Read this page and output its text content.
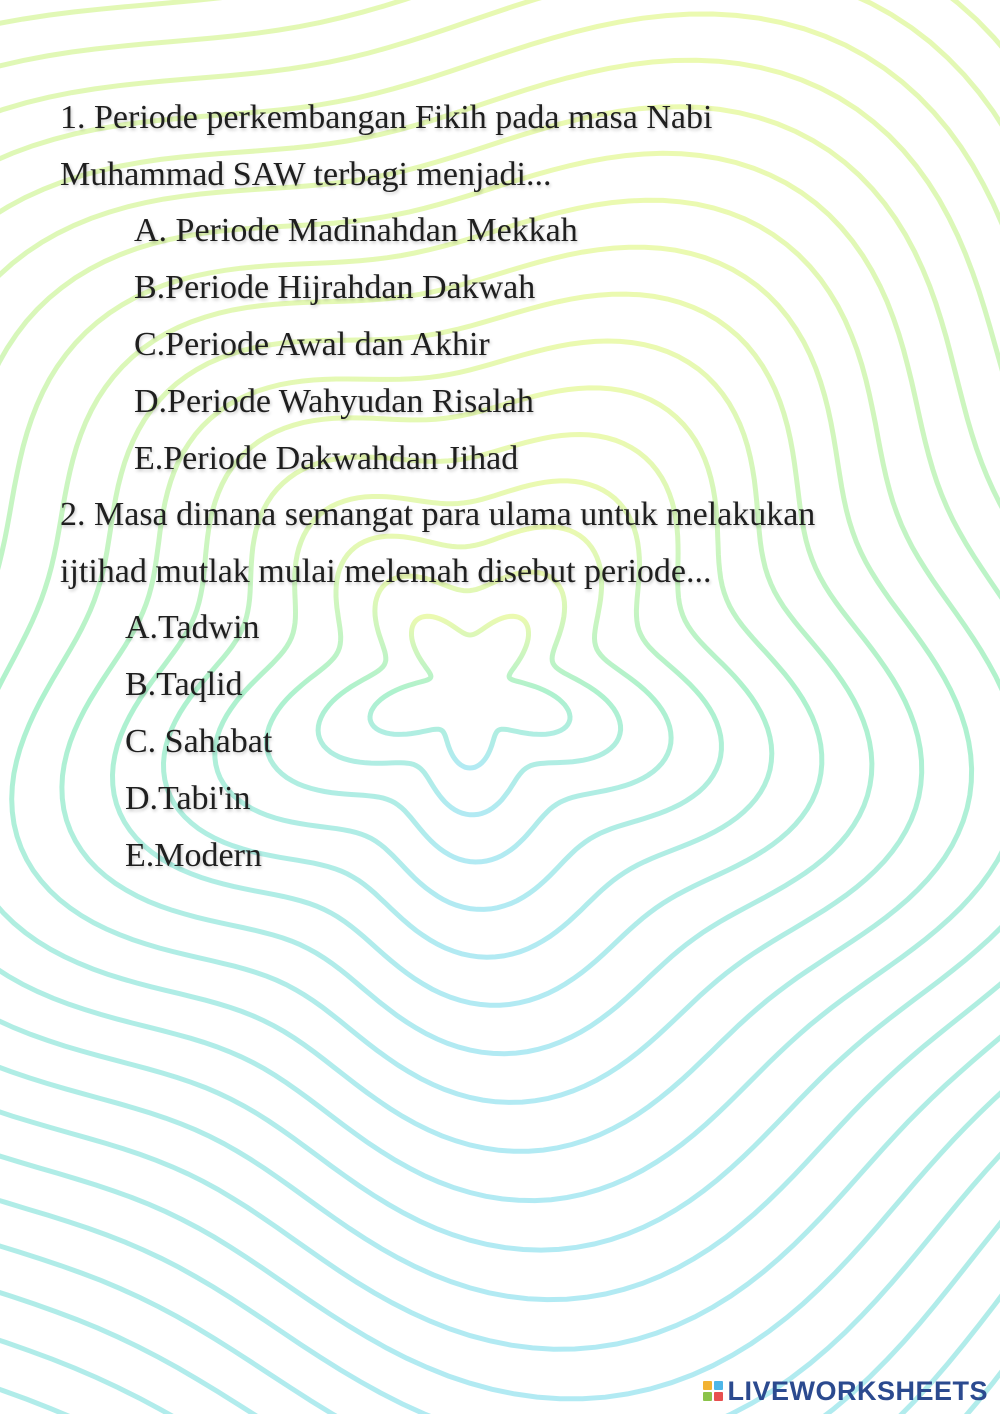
1. Periode perkembangan Fikih pada masa Nabi
Muhammad SAW terbagi menjadi...

A. Periode Madinahdan Mekkah

B.Periode Hijrahdan Dakwah

C.Periode Awal dan Akhir

D.Periode Wahyudan Risalah

E.Periode Dakwahdan Jihad

2. Masa dimana semangat para ulama untuk melakukan
ijtihad mutlak mulai melemah disebut periode...

A.Tadwin

B.Taqlid

C. Sahabat

D.Tabi'in

E.Modern

LIVEWORKSHEETS
